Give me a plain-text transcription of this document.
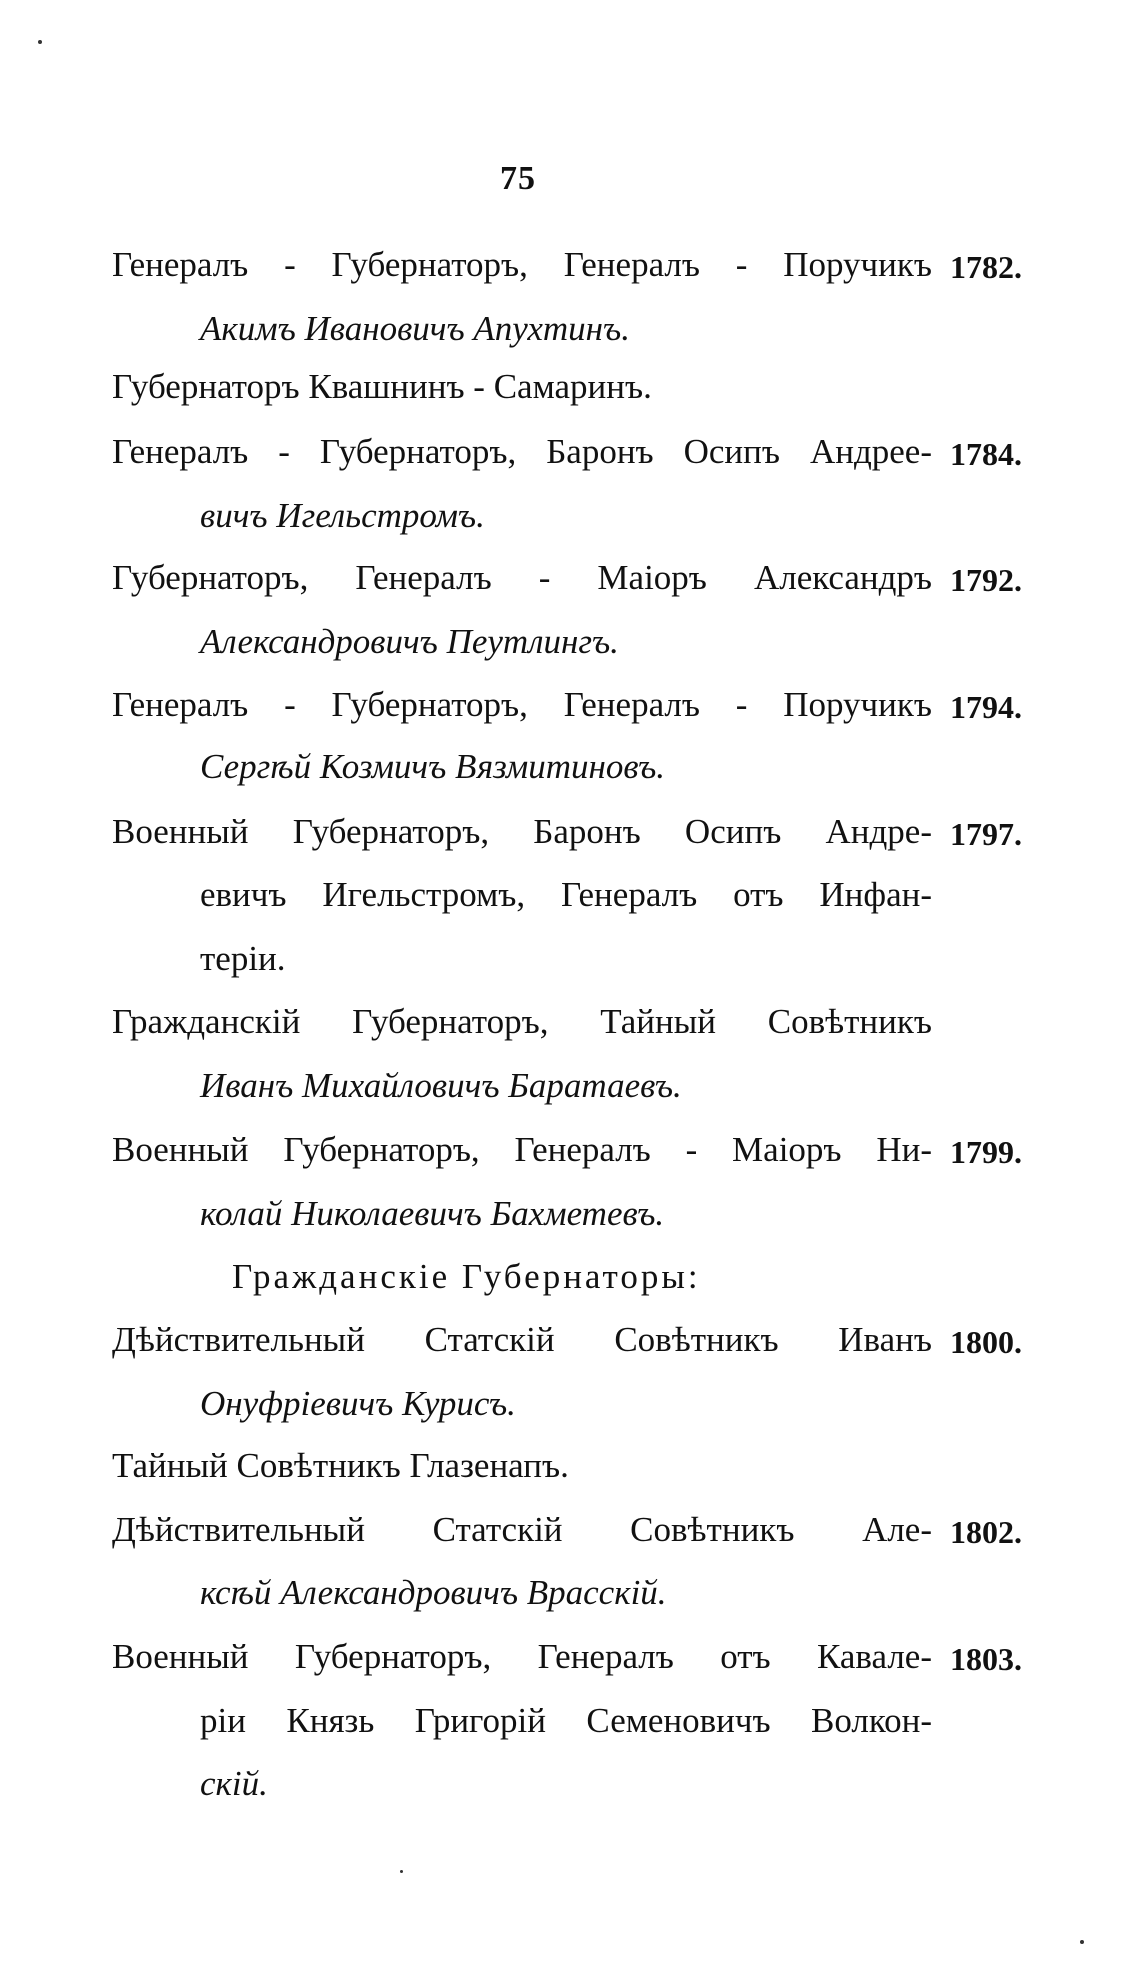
75
Генералъ - Губернаторъ, Генералъ - Поручикъ 1782.
Акимъ Ивановичъ Апухтинъ.
Губернаторъ Квашнинъ - Самаринъ.
Генералъ - Губернаторъ, Баронъ Осипъ Андрее- 1784.
вичъ Игельстромъ.
Губернаторъ, Генералъ - Маіоръ Александръ 1792.
Александровичъ Пеутлингъ.
Генералъ - Губернаторъ, Генералъ - Поручикъ 1794.
Сергѣй Козмичъ Вязмитиновъ.
Военный Губернаторъ, Баронъ Осипъ Андре- 1797.
евичъ Игельстромъ, Генералъ отъ Инфан-
теріи.
Гражданскій Губернаторъ, Тайный Совѣтникъ
Иванъ Михайловичъ Баратаевъ.
Военный Губернаторъ, Генералъ - Маіоръ Ни- 1799.
колай Николаевичъ Бахметевъ.
Гражданскіе Губернаторы:
Дѣйствительный Статскій Совѣтникъ Иванъ 1800.
Онуфріевичъ Курисъ.
Тайный Совѣтникъ Глазенапъ.
Дѣйствительный Статскій Совѣтникъ Але- 1802.
ксѣй Александровичъ Врасскій.
Военный Губернаторъ, Генералъ отъ Кавале- 1803.
ріи Князь Григорій Семеновичъ Волкон-
скій.
